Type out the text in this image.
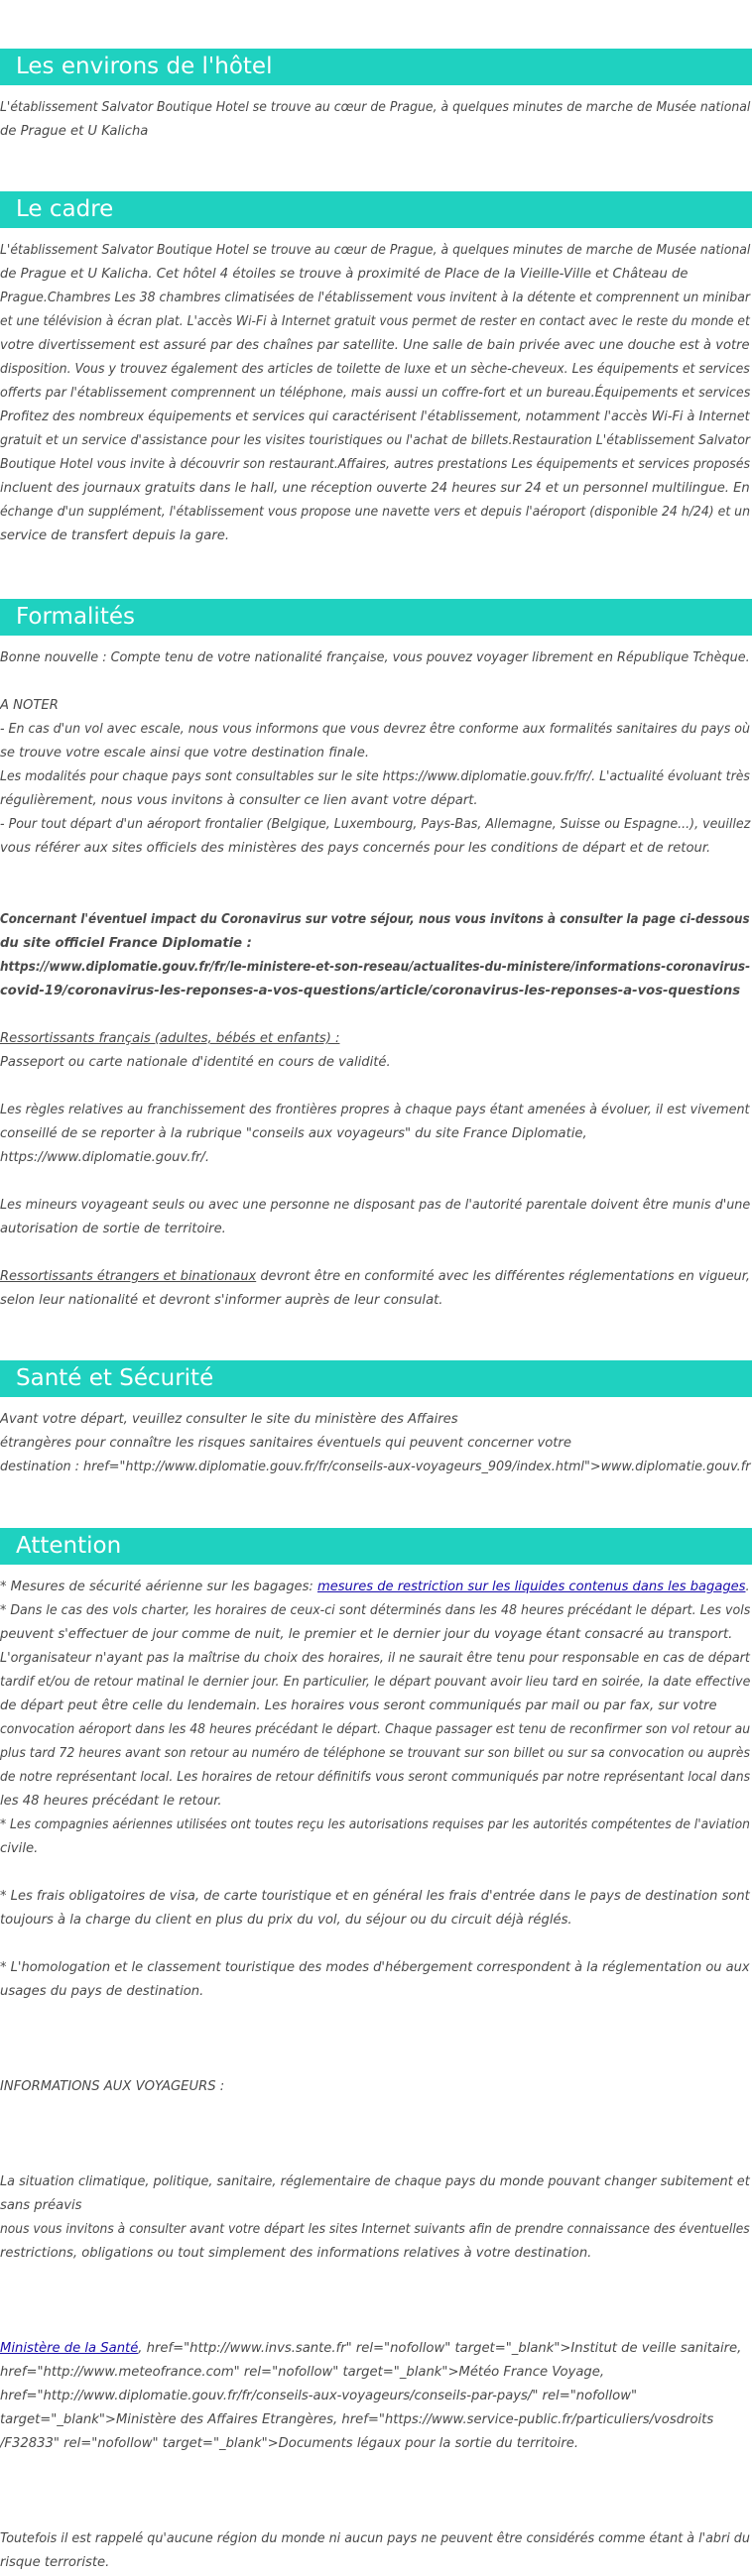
Les environs de l'hôtel
L'établissement Salvator Boutique Hotel se trouve au cœur de Prague, à quelques minutes de marche de Musée national
de Prague et U Kalicha
Le cadre
L'établissement Salvator Boutique Hotel se trouve au cœur de Prague, à quelques minutes de marche de Musée national
de Prague et U Kalicha. Cet hôtel 4 étoiles se trouve à proximité de Place de la Vieille-Ville et Château de
Prague.Chambres Les 38 chambres climatisées de l'établissement vous invitent à la détente et comprennent un minibar
et une télévision à écran plat. L'accès Wi-Fi à Internet gratuit vous permet de rester en contact avec le reste du monde et
votre divertissement est assuré par des chaînes par satellite. Une salle de bain privée avec une douche est à votre
disposition. Vous y trouvez également des articles de toilette de luxe et un sèche-cheveux. Les équipements et services
offerts par l'établissement comprennent un téléphone, mais aussi un coffre-fort et un bureau.Équipements et services
Profitez des nombreux équipements et services qui caractérisent l'établissement, notamment l'accès Wi-Fi à Internet
gratuit et un service d'assistance pour les visites touristiques ou l'achat de billets.Restauration L'établissement Salvator
Boutique Hotel vous invite à découvrir son restaurant.Affaires, autres prestations Les équipements et services proposés
incluent des journaux gratuits dans le hall, une réception ouverte 24 heures sur 24 et un personnel multilingue. En
échange d'un supplément, l'établissement vous propose une navette vers et depuis l'aéroport (disponible 24 h/24) et un
service de transfert depuis la gare.
Formalités
Bonne nouvelle : Compte tenu de votre nationalité française, vous pouvez voyager librement en République Tchèque.
A NOTER
- En cas d'un vol avec escale, nous vous informons que vous devrez être conforme aux formalités sanitaires du pays où
se trouve votre escale ainsi que votre destination finale.
Les modalités pour chaque pays sont consultables sur le site https://www.diplomatie.gouv.fr/fr/. L'actualité évoluant très
régulièrement, nous vous invitons à consulter ce lien avant votre départ.
- Pour tout départ d'un aéroport frontalier (Belgique, Luxembourg, Pays-Bas, Allemagne, Suisse ou Espagne...), veuillez
vous référer aux sites officiels des ministères des pays concernés pour les conditions de départ et de retour.
Concernant l'éventuel impact du Coronavirus sur votre séjour, nous vous invitons à consulter la page ci-dessous
du site officiel France Diplomatie :
https://www.diplomatie.gouv.fr/fr/le-ministere-et-son-reseau/actualites-du-ministere/informations-coronavirus-
covid-19/coronavirus-les-reponses-a-vos-questions/article/coronavirus-les-reponses-a-vos-questions
Ressortissants français (adultes, bébés et enfants) :
Passeport ou carte nationale d'identité en cours de validité.
Les règles relatives au franchissement des frontières propres à chaque pays étant amenées à évoluer, il est vivement
conseillé de se reporter à la rubrique "conseils aux voyageurs" du site France Diplomatie,
https://www.diplomatie.gouv.fr/.
Les mineurs voyageant seuls ou avec une personne ne disposant pas de l'autorité parentale doivent être munis d'une
autorisation de sortie de territoire.
Ressortissants étrangers et binationaux devront être en conformité avec les différentes réglementations en vigueur,
selon leur nationalité et devront s'informer auprès de leur consulat.
Santé et Sécurité
Avant votre départ, veuillez consulter le site du ministère des Affaires
étrangères pour connaître les risques sanitaires éventuels qui peuvent concerner votre
destination : href="http://www.diplomatie.gouv.fr/fr/conseils-aux-voyageurs_909/index.html">www.diplomatie.gouv.fr
Attention
* Mesures de sécurité aérienne sur les bagages: mesures de restriction sur les liquides contenus dans les bagages.
* Dans le cas des vols charter, les horaires de ceux-ci sont déterminés dans les 48 heures précédant le départ. Les vols
peuvent s'effectuer de jour comme de nuit, le premier et le dernier jour du voyage étant consacré au transport.
L'organisateur n'ayant pas la maîtrise du choix des horaires, il ne saurait être tenu pour responsable en cas de départ
tardif et/ou de retour matinal le dernier jour. En particulier, le départ pouvant avoir lieu tard en soirée, la date effective
de départ peut être celle du lendemain. Les horaires vous seront communiqués par mail ou par fax, sur votre
convocation aéroport dans les 48 heures précédant le départ. Chaque passager est tenu de reconfirmer son vol retour au
plus tard 72 heures avant son retour au numéro de téléphone se trouvant sur son billet ou sur sa convocation ou auprès
de notre représentant local. Les horaires de retour définitifs vous seront communiqués par notre représentant local dans
les 48 heures précédant le retour.
* Les compagnies aériennes utilisées ont toutes reçu les autorisations requises par les autorités compétentes de l'aviation
civile.
* Les frais obligatoires de visa, de carte touristique et en général les frais d'entrée dans le pays de destination sont
toujours à la charge du client en plus du prix du vol, du séjour ou du circuit déjà réglés.
* L'homologation et le classement touristique des modes d'hébergement correspondent à la réglementation ou aux
usages du pays de destination.
INFORMATIONS AUX VOYAGEURS :
La situation climatique, politique, sanitaire, réglementaire de chaque pays du monde pouvant changer subitement et
sans préavis
nous vous invitons à consulter avant votre départ les sites Internet suivants afin de prendre connaissance des éventuelles
restrictions, obligations ou tout simplement des informations relatives à votre destination.
Ministère de la Santé, href="http://www.invs.sante.fr" rel="nofollow" target="_blank">Institut de veille sanitaire,
href="http://www.meteofrance.com" rel="nofollow" target="_blank">Météo France Voyage,
href="http://www.diplomatie.gouv.fr/fr/conseils-aux-voyageurs/conseils-par-pays/" rel="nofollow"
target="_blank">Ministère des Affaires Etrangères, href="https://www.service-public.fr/particuliers/vosdroits
/F32833" rel="nofollow" target="_blank">Documents légaux pour la sortie du territoire.
Toutefois il est rappelé qu'aucune région du monde ni aucun pays ne peuvent être considérés comme étant à l'abri du
risque terroriste.
